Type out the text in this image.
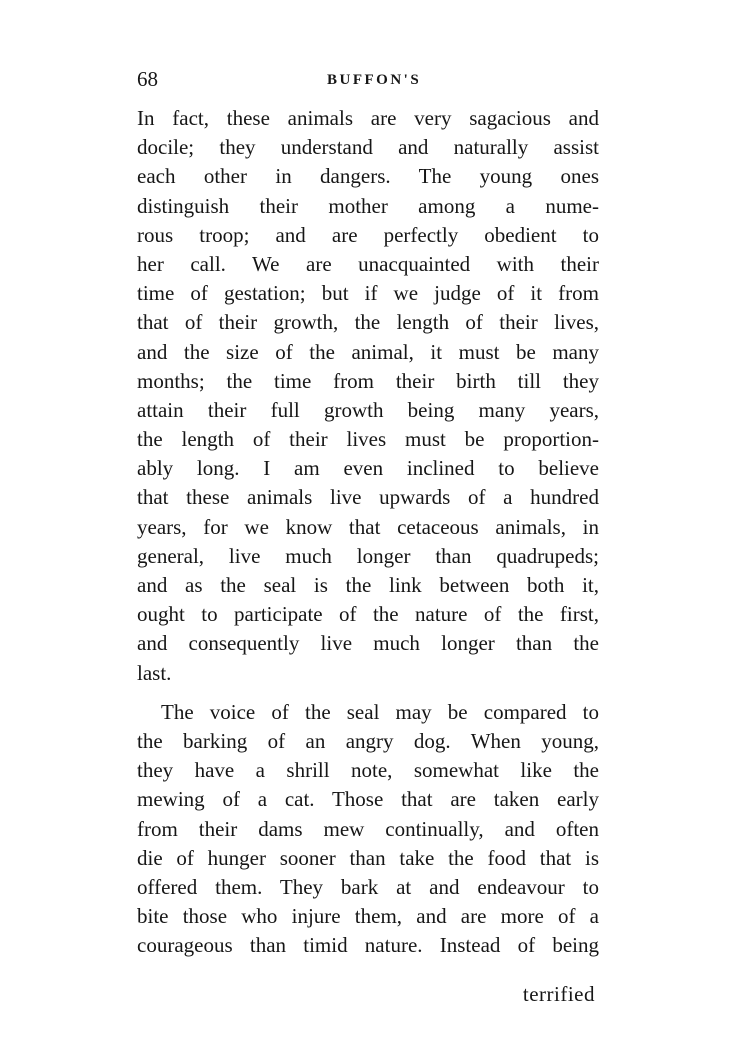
68	BUFFON'S
In fact, these animals are very sagacious and
docile; they understand and naturally assist
each other in dangers. The young ones
distinguish their mother among a nume-
rous troop; and are perfectly obedient to
her call. We are unacquainted with their
time of gestation; but if we judge of it from
that of their growth, the length of their lives,
and the size of the animal, it must be many
months; the time from their birth till they
attain their full growth being many years,
the length of their lives must be proportion-
ably long. I am even inclined to believe
that these animals live upwards of a hundred
years, for we know that cetaceous animals, in
general, live much longer than quadrupeds;
and as the seal is the link between both it,
ought to participate of the nature of the first,
and consequently live much longer than the
last.
The voice of the seal may be compared to
the barking of an angry dog. When young,
they have a shrill note, somewhat like the
mewing of a cat. Those that are taken early
from their dams mew continually, and often
die of hunger sooner than take the food that is
offered them. They bark at and endeavour to
bite those who injure them, and are more of a
courageous than timid nature. Instead of being
terrified
